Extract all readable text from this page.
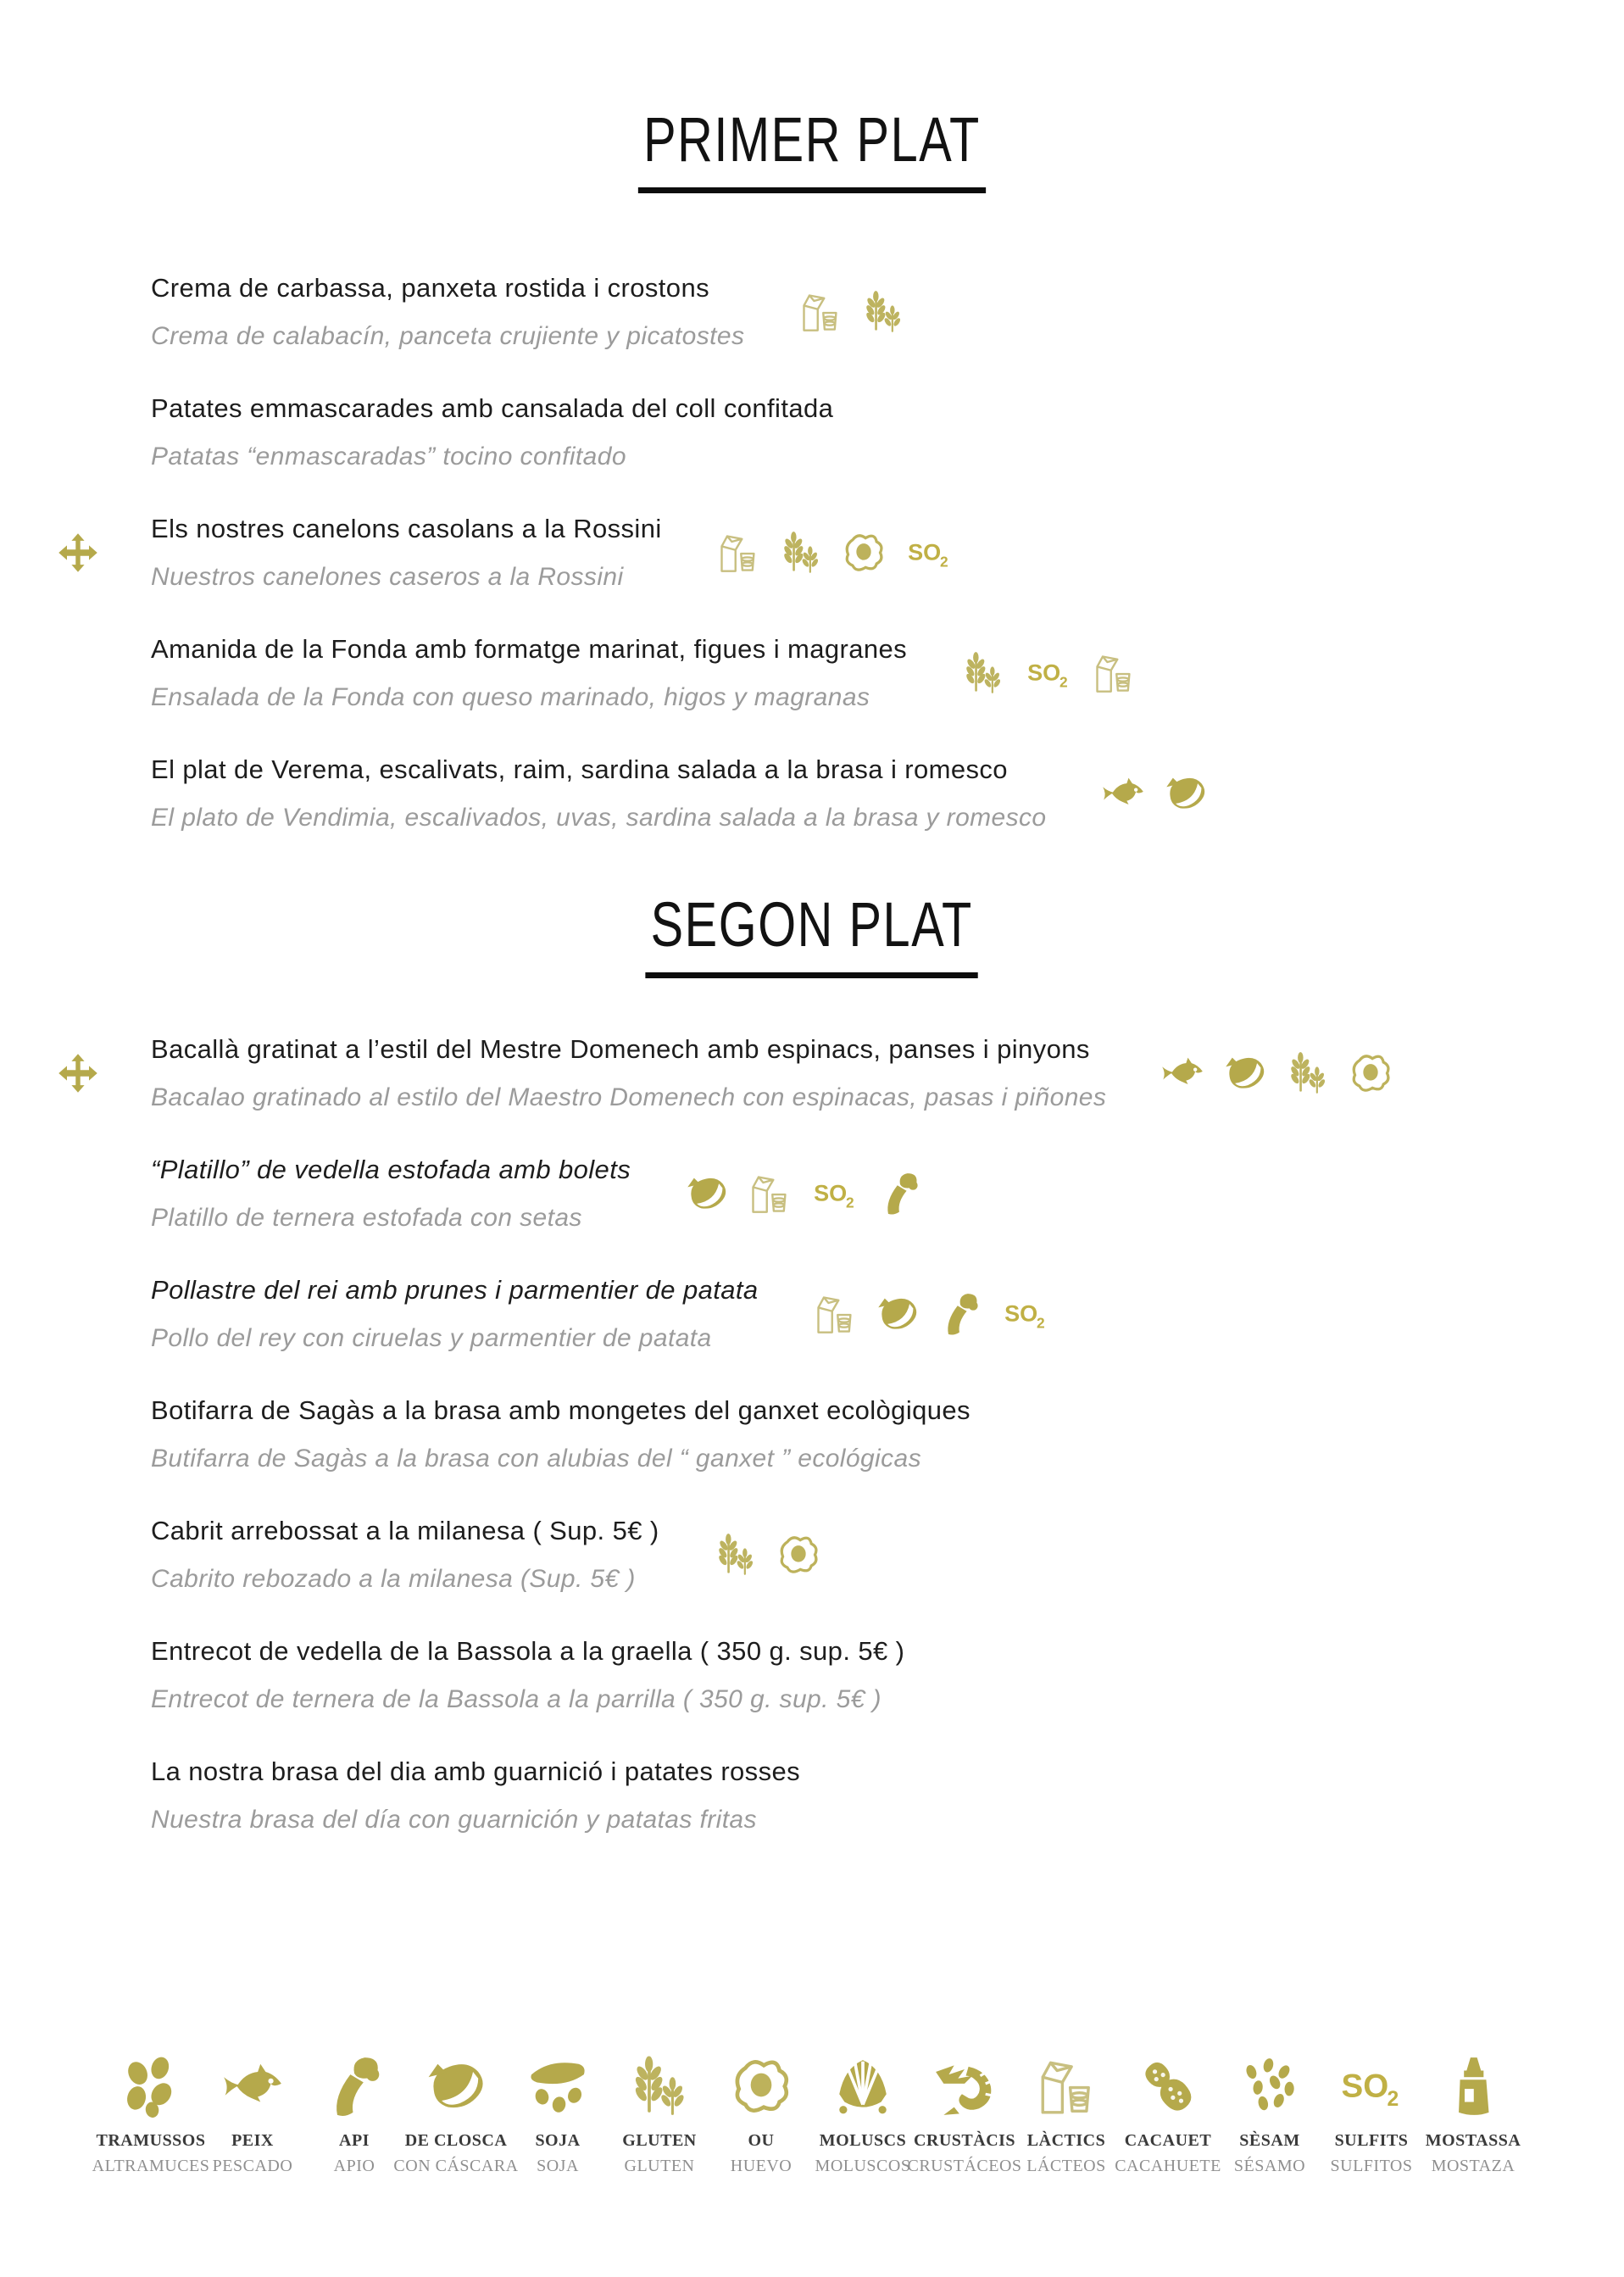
PRIMER PLAT
Crema de carbassa, panxeta rostida i crostons
Crema de calabacín, panceta crujiente y picatostes
Patates emmascarades amb cansalada del coll confitada
Patatas “enmascaradas” tocino confitado
Els nostres canelons casolans a la Rossini
Nuestros canelones caseros a la Rossini
Amanida de la Fonda amb formatge marinat, figues i magranes
Ensalada de la Fonda con queso marinado, higos y magranas
El plat de Verema, escalivats, raim, sardina salada a la brasa i romesco
El plato de Vendimia, escalivados, uvas, sardina salada a la brasa y romesco
SEGON PLAT
Bacallà gratinat a l’estil del Mestre Domenech amb espinacs, panses i pinyons
Bacalao gratinado al estilo del Maestro Domenech con espinacas, pasas i piñones
“Platillo” de vedella estofada amb bolets
Platillo de ternera estofada con setas
Pollastre del rei amb prunes i parmentier de patata
Pollo del rey con ciruelas y parmentier de patata
Botifarra de Sagàs a la brasa amb mongetes del ganxet ecològiques
Butifarra de Sagàs a la brasa con alubias del “ ganxet ” ecológicas
Cabrit arrebossat a la milanesa ( Sup. 5€ )
Cabrito rebozado a la milanesa (Sup. 5€ )
Entrecot de vedella de la Bassola a la graella ( 350 g. sup. 5€ )
Entrecot de ternera de la Bassola a la parrilla ( 350 g. sup. 5€ )
La nostra brasa del dia amb guarnició i patates rosses
Nuestra brasa del día con guarnición y patatas fritas
TRAMUSSOS
ALTRAMUCES
PEIX
PESCADO
API
APIO
DE CLOSCA
CON CÁSCARA
SOJA
SOJA
GLUTEN
GLUTEN
OU
HUEVO
MOLUSCS
MOLUSCOS
CRUSTÀCIS
CRUSTÁCEOS
LÀCTICS
LÁCTEOS
CACAUET
CACAHUETE
SÈSAM
SÉSAMO
SULFITS
SULFITOS
MOSTASSA
MOSTAZA
